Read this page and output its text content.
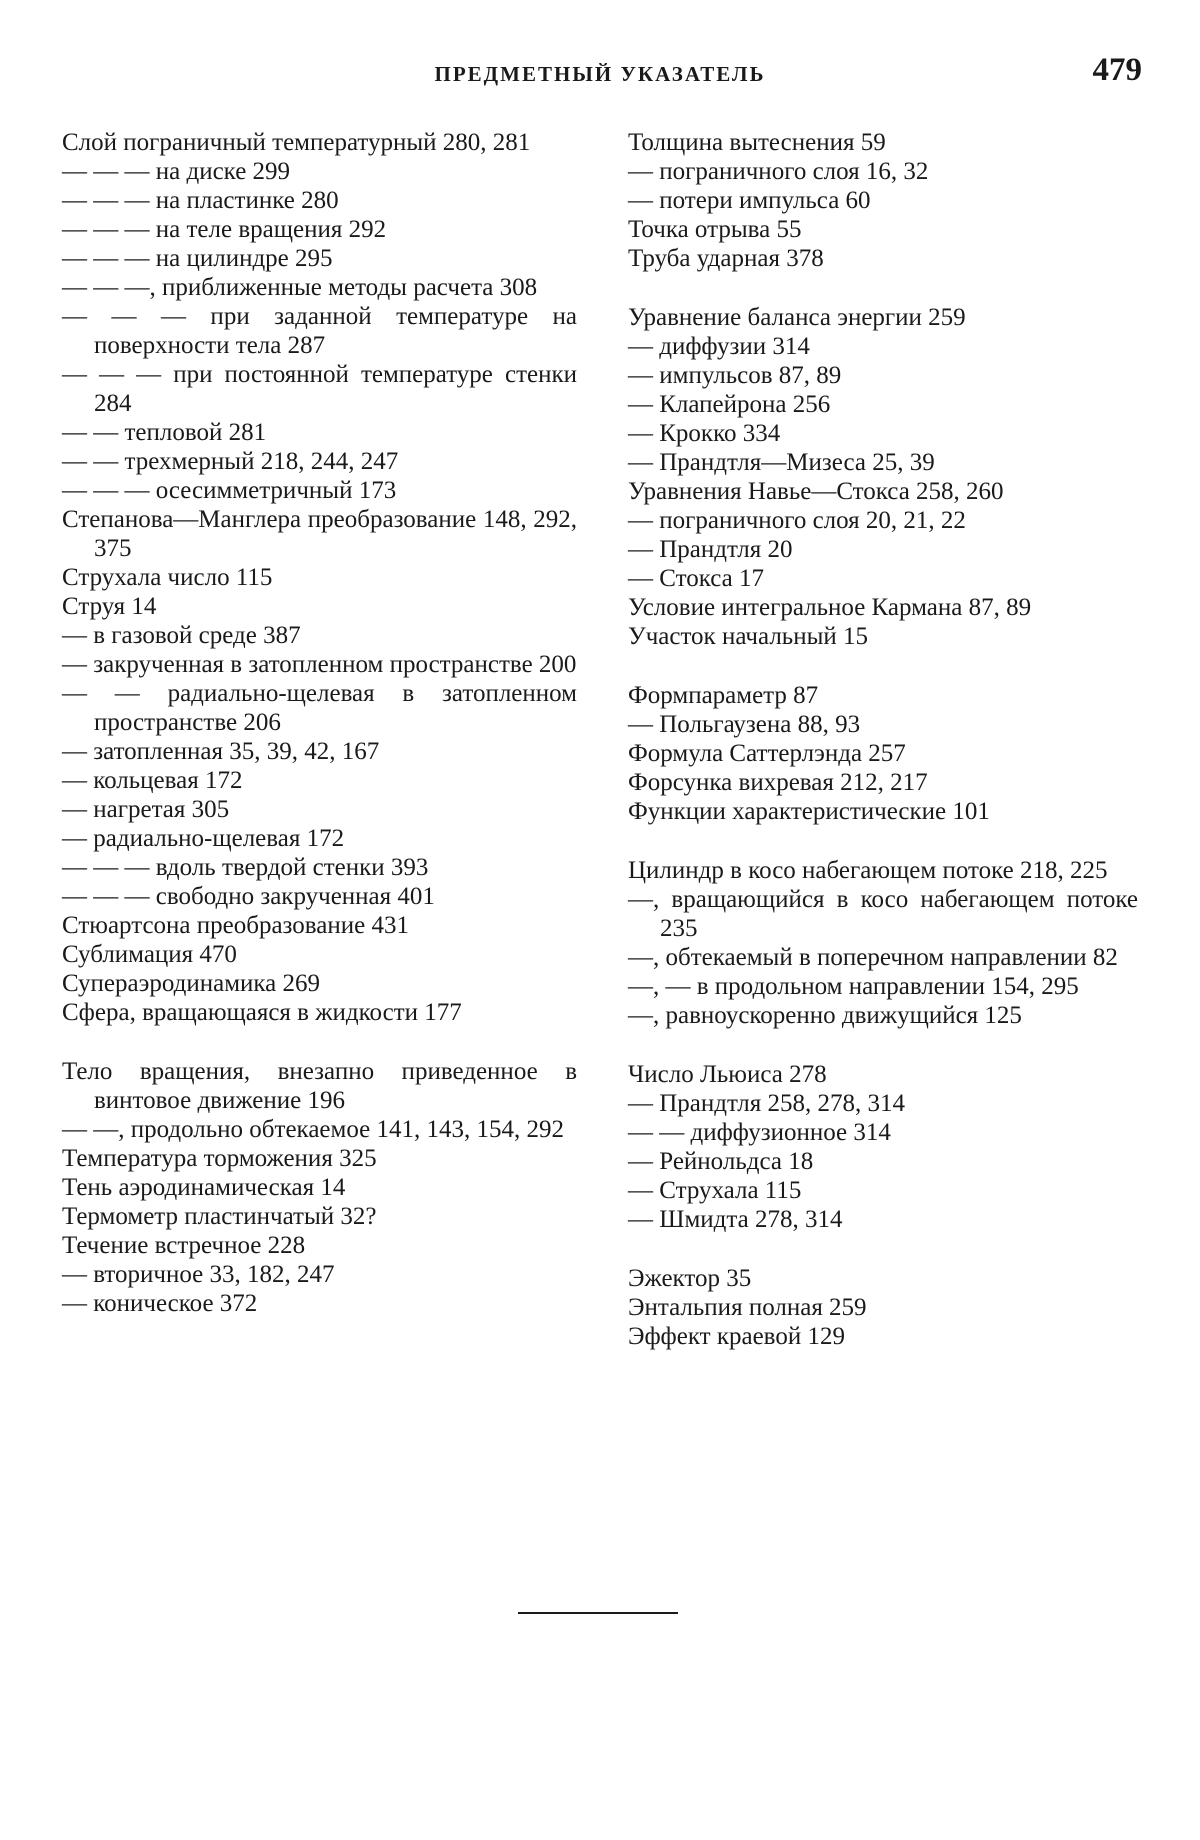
ПРЕДМЕТНЫЙ УКАЗАТЕЛЬ	479

Слой пограничный температурный 280, 281

— — — на диске 299

— — — на пластинке 280

— — — на теле вращения 292

— — — на цилиндре 295

— — —, приближенные методы расчета 308

— — — при заданной температуре на поверхности тела 287

— — — при постоянной температуре стенки 284

— — тепловой 281

— — трехмерный 218, 244, 247

— — — осесимметричный 173

Степанова—Манглера преобразование 148, 292, 375

Струхала число 115

Струя 14

— в газовой среде 387

— закрученная в затопленном пространстве 200

— — радиально-щелевая в затопленном пространстве 206

— затопленная 35, 39, 42, 167

— кольцевая 172

— нагретая 305

— радиально-щелевая 172

— — — вдоль твердой стенки 393

— — — свободно закрученная 401

Стюартсона преобразование 431

Сублимация 470

Супераэродинамика 269

Сфера, вращающаяся в жидкости 177

Тело вращения, внезапно приведенное в винтовое движение 196

— —, продольно обтекаемое 141, 143, 154, 292

Температура торможения 325

Тень аэродинамическая 14

Термометр пластинчатый 32?

Течение встречное 228

— вторичное 33, 182, 247

— коническое 372

Толщина вытеснения 59

— пограничного слоя 16, 32

— потери импульса 60

Точка отрыва 55

Труба ударная 378

Уравнение баланса энергии 259

— диффузии 314

— импульсов 87, 89

— Клапейрона 256

— Крокко 334

— Прандтля—Мизеса 25, 39

Уравнения Навье—Стокса 258, 260

— пограничного слоя 20, 21, 22

— Прандтля 20

— Стокса 17

Условие интегральное Кармана 87, 89

Участок начальный 15

Формпараметр 87

— Польгаузена 88, 93

Формула Саттерлэнда 257

Форсунка вихревая 212, 217

Функции характеристические 101

Цилиндр в косо набегающем потоке 218, 225

—, вращающийся в косо набегающем потоке 235

—, обтекаемый в поперечном направлении 82

—, — в продольном направлении 154, 295

—, равноускоренно движущийся 125

Число Льюиса 278

— Прандтля 258, 278, 314

— — диффузионное 314

— Рейнольдса 18

— Струхала 115

— Шмидта 278, 314

Эжектор 35

Энтальпия полная 259

Эффект краевой 129
